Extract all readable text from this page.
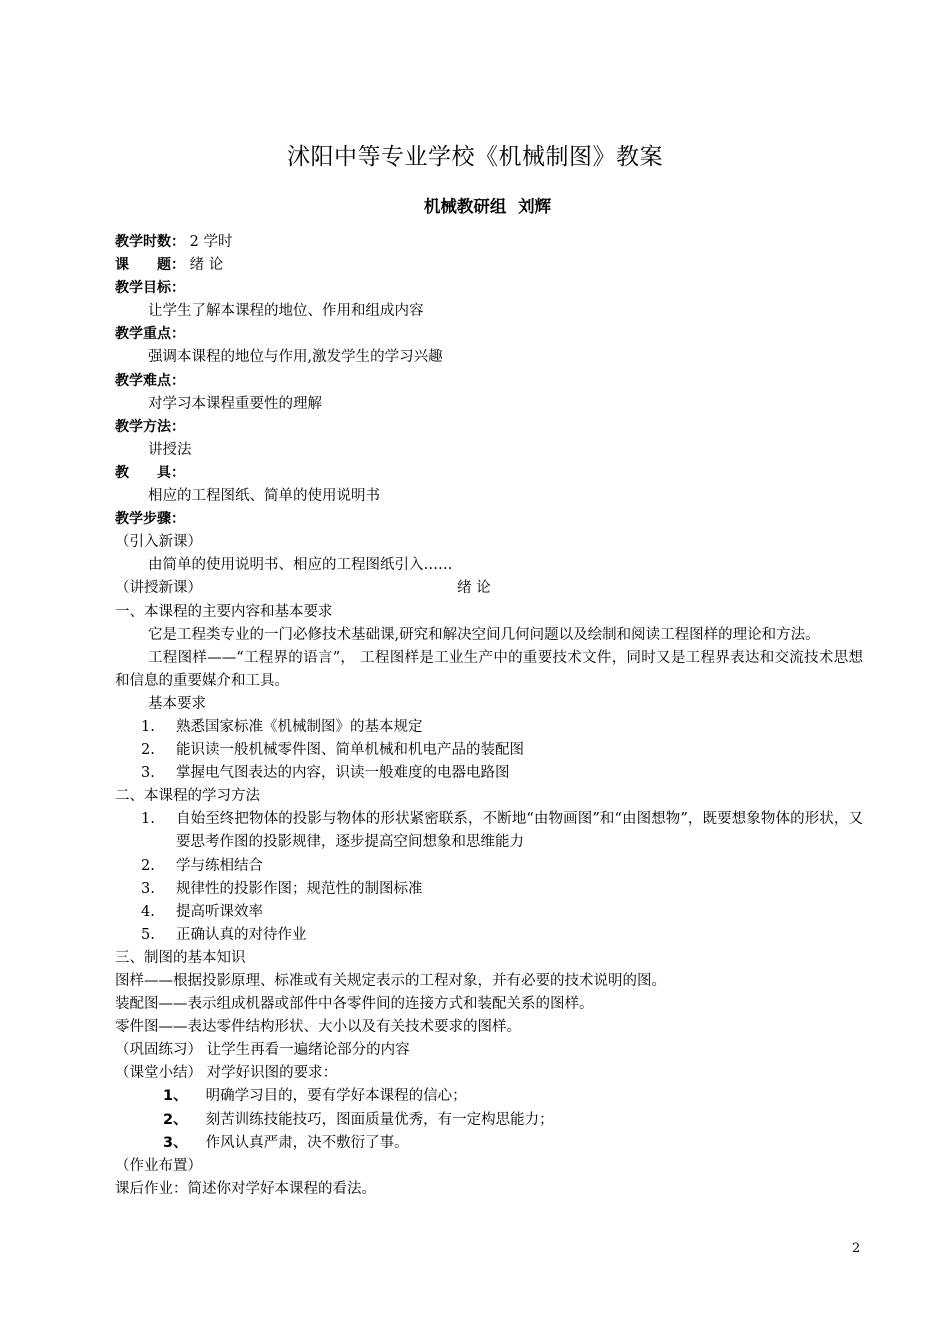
沭阳中等专业学校《机械制图》教案
机械教研组 刘辉
教学时数： 2 学时
课　　题： 绪 论
教学目标：
让学生了解本课程的地位、作用和组成内容
教学重点：
强调本课程的地位与作用,激发学生的学习兴趣
教学难点：
对学习本课程重要性的理解
教学方法：
讲授法
教　　具：
相应的工程图纸、简单的使用说明书
教学步骤：
（引入新课）
由简单的使用说明书、相应的工程图纸引入……
（讲授新课）	绪 论
一、本课程的主要内容和基本要求
它是工程类专业的一门必修技术基础课,研究和解决空间几何问题以及绘制和阅读工程图样的理论和方法。
工程图样——“工程界的语言”， 工程图样是工业生产中的重要技术文件，同时又是工程界表达和交流技术思想和信息的重要媒介和工具。
基本要求
1.	熟悉国家标准《机械制图》的基本规定
2.	能识读一般机械零件图、简单机械和机电产品的装配图
3.	掌握电气图表达的内容，识读一般难度的电器电路图
二、本课程的学习方法
1.	自始至终把物体的投影与物体的形状紧密联系，不断地“由物画图”和“由图想物”，既要想象物体的形状，又要思考作图的投影规律，逐步提高空间想象和思维能力
2.	学与练相结合
3.	规律性的投影作图；规范性的制图标准
4.	提高听课效率
5.	正确认真的对待作业
三、制图的基本知识
图样——根据投影原理、标准或有关规定表示的工程对象，并有必要的技术说明的图。
装配图——表示组成机器或部件中各零件间的连接方式和装配关系的图样。
零件图——表达零件结构形状、大小以及有关技术要求的图样。
（巩固练习） 让学生再看一遍绪论部分的内容
（课堂小结） 对学好识图的要求：
1、 明确学习目的，要有学好本课程的信心；
2、 刻苦训练技能技巧，图面质量优秀，有一定构思能力；
3、 作风认真严肃，决不敷衍了事。
（作业布置）
课后作业：简述你对学好本课程的看法。
2
